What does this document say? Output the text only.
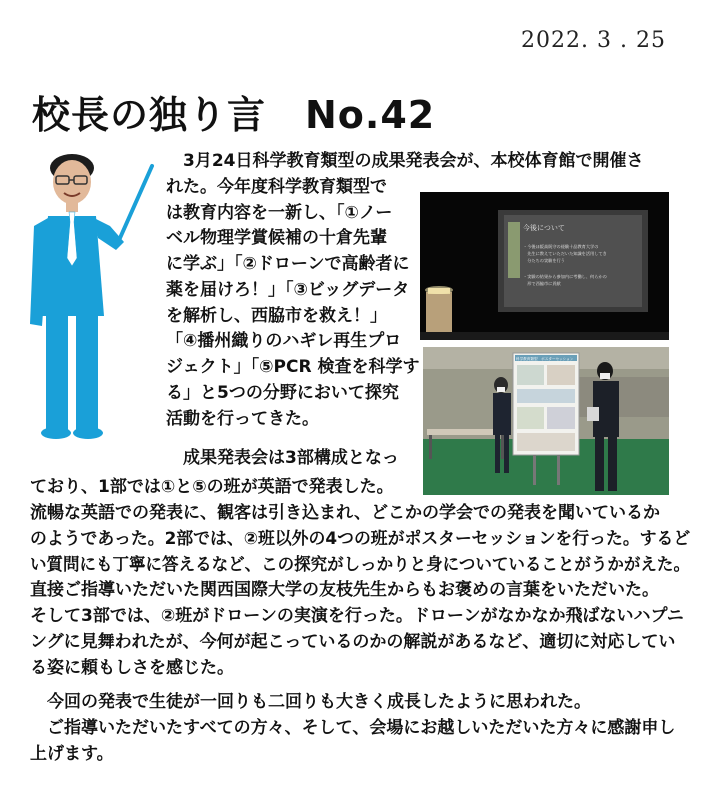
2022. 3 . 25
校長の独り言　No.42
今後について
・今後ほ阪高既守の経験十品教育大学の
　先生に教えていただいた知識を活用してき
　分たちの実験を行う
・実験の結果から参加内に考働し、何らかの
　形で西脇市に貢献
科学教育類型　ポスターセッション
　3月24日科学教育類型の成果発表会が、本校体育館で開催さ
れた。今年度科学教育類型で
は教育内容を一新し、「①ノー
ベル物理学賞候補の十倉先輩
に学ぶ」「②ドローンで高齢者に
薬を届けろ！」「③ビッグデータ
を解析し、西脇市を救え！」
「④播州織りのハギレ再生プロ
ジェクト」「⑤PCR 検査を科学す
る」と5つの分野において探究
活動を行ってきた。
　成果発表会は3部構成となっ
ており、1部では①と⑤の班が英語で発表した。
流暢な英語での発表に、観客は引き込まれ、どこかの学会での発表を聞いているか
のようであった。2部では、②班以外の4つの班がポスターセッションを行った。するど
い質問にも丁寧に答えるなど、この探究がしっかりと身についていることがうかがえた。
直接ご指導いただいた関西国際大学の友枝先生からもお褒めの言葉をいただいた。
そして3部では、②班がドローンの実演を行った。ドローンがなかなか飛ばないハプニ
ングに見舞われたが、今何が起こっているのかの解説があるなど、適切に対応してい
る姿に頼もしさを感じた。
　今回の発表で生徒が一回りも二回りも大きく成長したように思われた。
　ご指導いただいたすべての方々、そして、会場にお越しいただいた方々に感謝申し
上げます。
